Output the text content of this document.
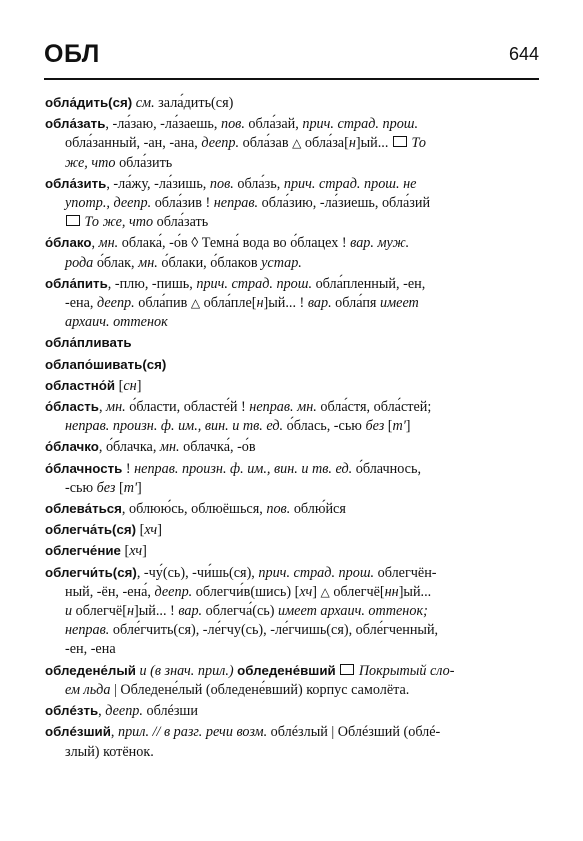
ОБЛ	644
обла́дить(ся) см. зала́дить(ся)
обла́зать, -ла́заю, -ла́заешь, пов. обла́зай, прич. страд. прош.
обла́занный, -ан, -ана, деепр. обла́зав △ обла́за[н]ый...  То
же, что обла́зить
обла́зить, -ла́жу, -ла́зишь, пов. обла́зь, прич. страд. прош. не
употр., деепр. обла́зив ! неправ. обла́зию, -ла́зиешь, обла́зий
То же, что обла́зать
о́блако, мн. облака́, -о́в ◊ Темна́ вода во о́блацех ! вар. муж.
рода о́блак, мн. о́блаки, о́блаков устар.
обла́пить, -плю, -пишь, прич. страд. прош. обла́пленный, -ен,
-ена, деепр. обла́пив △ обла́пле[н]ый... ! вар. обла́пя имеет
архаич. оттенок
обла́пливать
облапо́шивать(ся)
областно́й [сн]
о́бласть, мн. о́бласти, областе́й ! неправ. мн. обла́стя, обла́стей;
неправ. произн. ф. им., вин. и тв. ед. о́блась, -сью без [т']
о́блачко, о́блачка, мн. облачка́, -о́в
о́блачность ! неправ. произн. ф. им., вин. и тв. ед. о́блачнось,
-сью без [т']
облева́ться, облюю́сь, облюёшься, пов. облю́йся
облегча́ть(ся) [хч]
облегче́ние [хч]
облегчи́ть(ся), -чу́(сь), -чи́шь(ся), прич. страд. прош. облегчён-
ный, -ён, -ена́, деепр. облегчи́в(шись) [хч] △ облегчё[нн]ый...
и облегчё[н]ый... ! вар. облегча́(сь) имеет архаич. оттенок;
неправ. обле́гчить(ся), -ле́гчу(сь), -ле́гчишь(ся), обле́гченный,
-ен, -ена
обледене́лый и (в знач. прил.) обледене́вший Покрытый сло-
ем льда | Обледене́лый (обледене́вший) корпус самолёта.
облéзть, деепр. облéзши
облéзший, прил. // в разг. речи возм. облéзлый | Облéзший (облé-
злый) котёнок.
